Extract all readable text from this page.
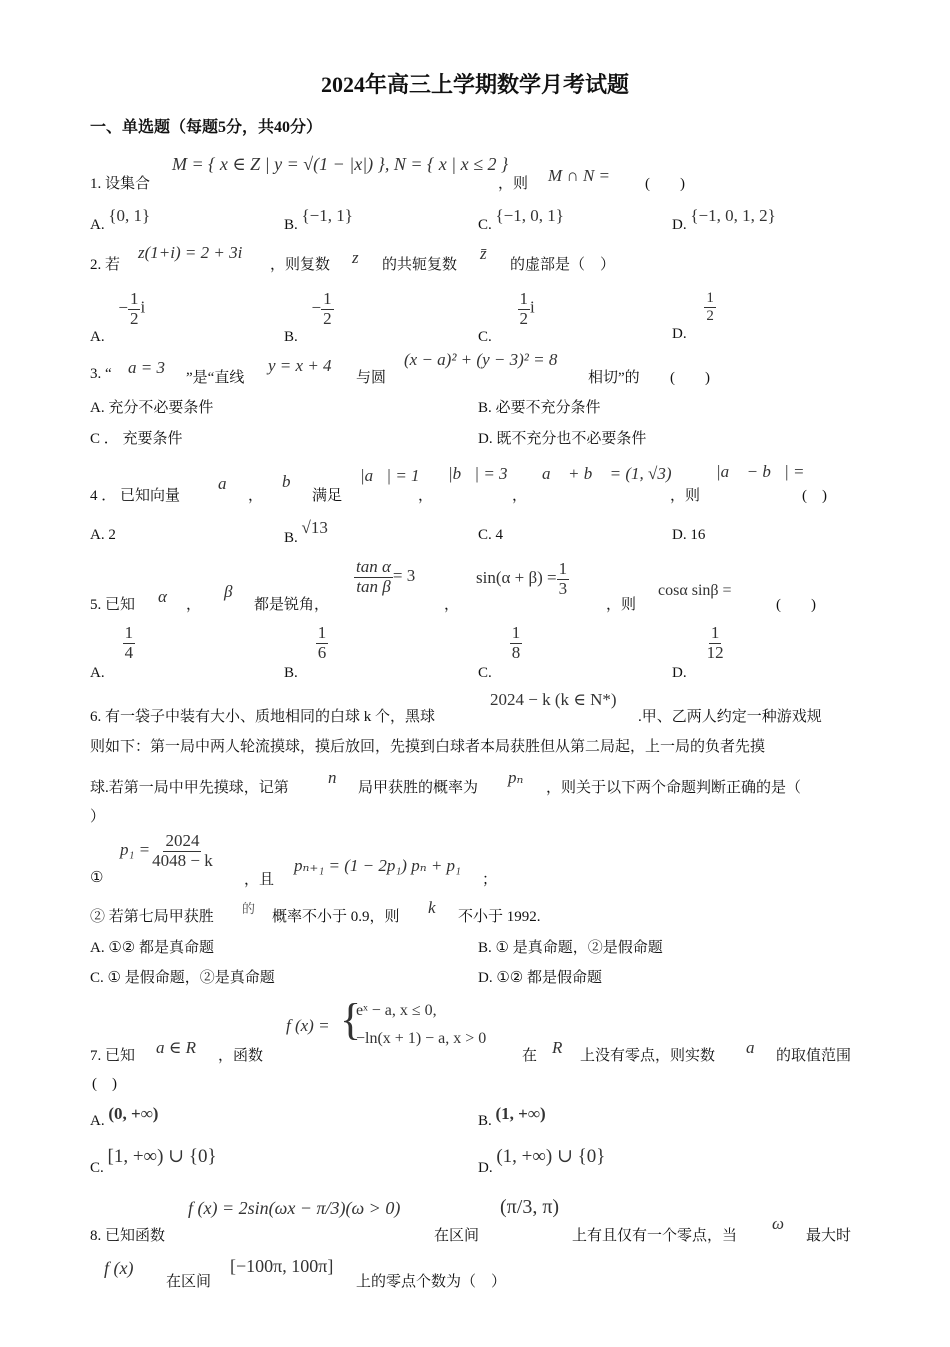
2024年高三上学期数学月考试题
一、单选题（每题5分，共40分）
1. 设集合
M = { x ∈ Z | y = √(1 − |x|) }, N = { x | x ≤ 2 }
，则 M ∩ N = (　　)
A. {0, 1}	B. {−1, 1}	C. {−1, 0, 1}	D. {−1, 0, 1, 2}
2. 若
z(1+i) = 2 + 3i
，则复数 z 的共轭复数
z̄
的虚部是（　）
A. − $\frac{1}{2}$ i
B. − $\frac{1}{2}$
C.
$\frac{1}{2}$ i
D.
$\frac{1}{2}$
3. “ a = 3
”是“直线
y = x + 4
与圆
(x − a)² + (y − 3)² = 8
相切”的 (　　)
A. 充分不必要条件	B. 必要不充分条件
C ． 充要条件	D. 既不充分也不必要条件
4 ． 已知向量
a⃗
，
b⃗
满足
|a⃗| = 1
，
|b⃗| = 3
，
a⃗ + b⃗ = (1, √3)
，则
|a⃗ − b⃗| =
(　)
A. 2	B. √13	C. 4	D. 16
5. 已知 α ，
β
都是锐角，
$\frac{\text{tan α}}{\text{tan β}} = 3$
，
$\sin(\alpha + \beta) = \frac{1}{3}$
，则
cosα sinβ =
(　　)
A.
$\frac{1}{4}$
B.
$\frac{1}{6}$
C.
$\frac{1}{8}$
D.
$\frac{1}{12}$
6. 有一袋子中装有大小、质地相同的白球 k 个，黑球
2024 − k (k ∈ N*)
.甲、乙两人约定一种游戏规
则如下：第一局中两人轮流摸球，摸后放回，先摸到白球者本局获胜但从第二局起，上一局的负者先摸
球.若第一局中甲先摸球，记第
n
局甲获胜的概率为
pₙ
，则关于以下两个命题判断正确的是（
）
①
$p_1 = \frac{2024}{4048 - k}$
，且
pₙ₊₁ = (1 − 2p₁) pₙ + p₁
；
② 若第七局甲获胜
的
概率不小于 0.9，则 k 不小于 1992.
A. ①② 都是真命题	B. ① 是真命题，②是假命题
C. ① 是假命题，②是真命题	D. ①② 都是假命题
7. 已知 a ∈ R ，函数
f (x) = {
eˣ − a, x ≤ 0,
−ln(x + 1) − a, x > 0
在 R 上没有零点，则实数 a 的取值范围
(　)
A. (0, +∞)	B. (1, +∞)
C. [1, +∞) ∪ {0}
D. (1, +∞) ∪ {0}
8. 已知函数
f (x) = 2sin(ωx − π/3)(ω > 0)
在区间
(π/3, π)
上有且仅有一个零点，当
ω
最大时
f (x)
在区间
[−100π, 100π]
上的零点个数为（　）
